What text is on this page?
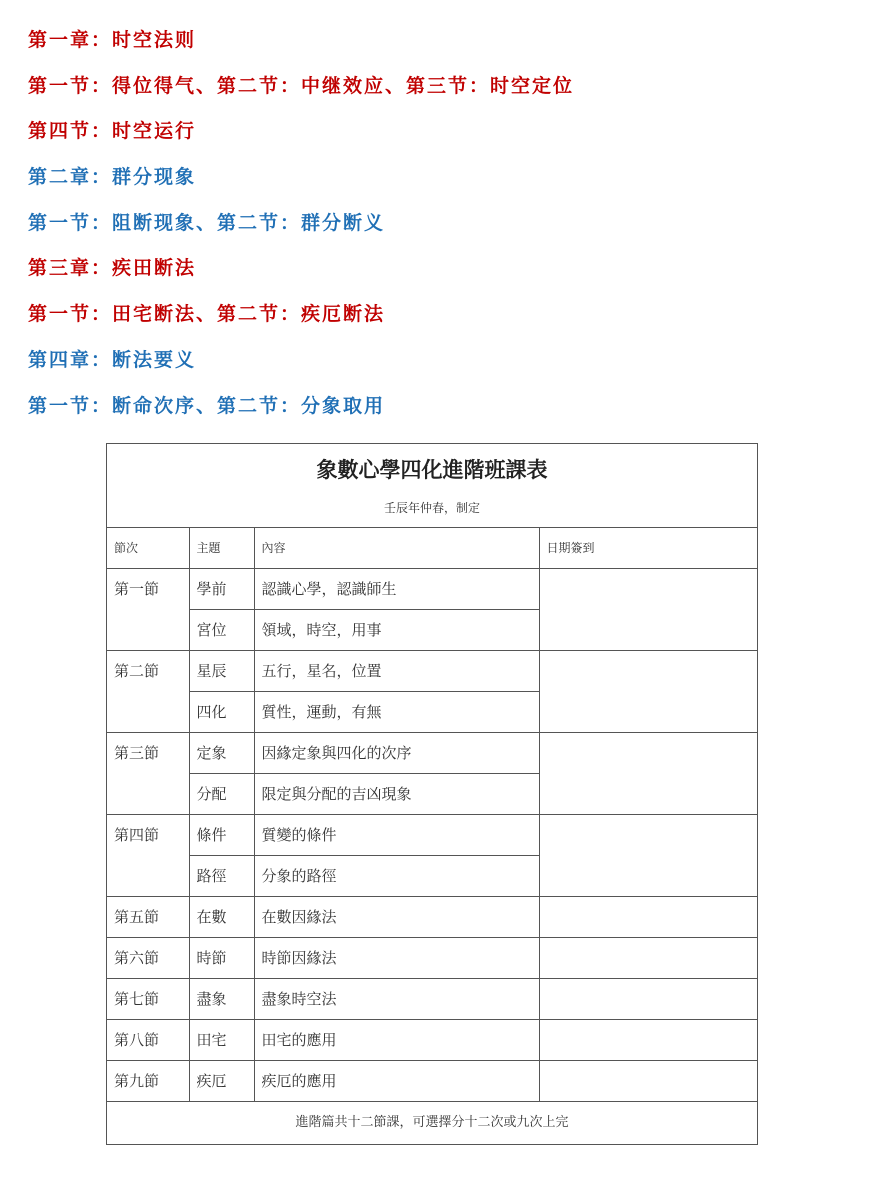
第一章：时空法则
第一节：得位得气、第二节：中继效应、第三节：时空定位
第四节：时空运行
第二章：群分现象
第一节：阻断现象、第二节：群分断义
第三章：疾田断法
第一节：田宅断法、第二节：疾厄断法
第四章：断法要义
第一节：断命次序、第二节：分象取用
象數心學四化進階班課表
壬辰年仲春，制定
節次	主題	內容	日期簽到
第一節	學前	認識心學，認識師生	
	宮位	領域，時空，用事	
第二節	星辰	五行，星名，位置	
	四化	質性，運動，有無	
第三節	定象	因緣定象與四化的次序	
	分配	限定與分配的吉凶現象	
第四節	條件	質變的條件	
	路徑	分象的路徑	
第五節	在數	在數因緣法	
第六節	時節	時節因緣法	
第七節	盡象	盡象時空法	
第八節	田宅	田宅的應用	
第九節	疾厄	疾厄的應用	
進階篇共十二節課，可選擇分十二次或九次上完
